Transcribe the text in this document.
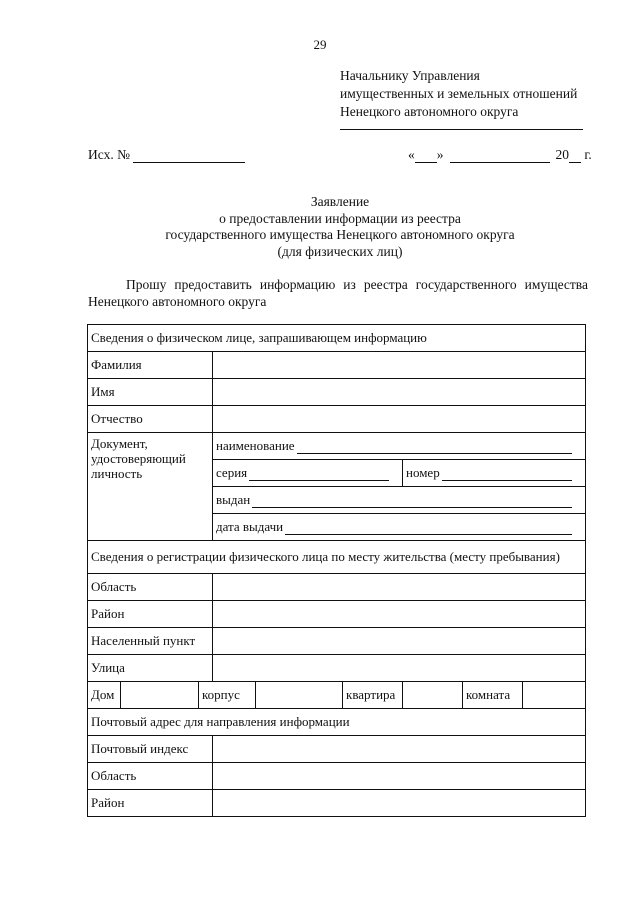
29
Начальнику Управления
имущественных и земельных отношений
Ненецкого автономного округа
Исх. №	« »	20 г.
Заявление
о предоставлении информации из реестра
государственного имущества Ненецкого автономного округа
(для физических лиц)
Прошу предоставить информацию из реестра государственного имущества Ненецкого автономного округа
Сведения о физическом лице, запрашивающем информацию	
Фамилия	
Имя	
Отчество	
Документ, удостоверяющий личность	наименование

	серия номер

	выдан

	дата выдачи

Сведения о регистрации физического лица по месту жительства (месту пребывания)	
Область	
Район	
Населенный пункт	
Улица	

Дом корпус квартира комната	

Почтовый адрес для направления информации	
Почтовый индекс	
Область	
Район	
